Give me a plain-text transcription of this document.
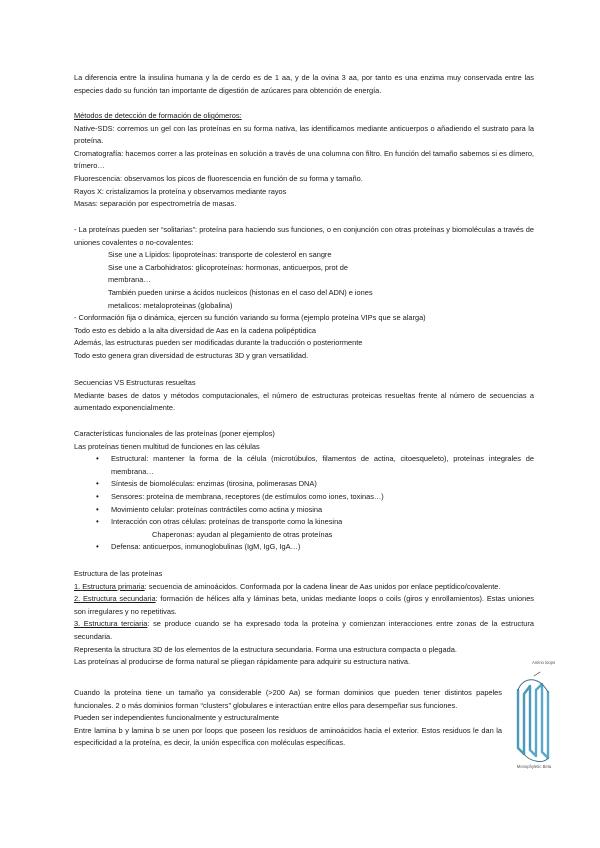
La diferencia entre la insulina humana y la de cerdo es de 1 aa, y de la ovina 3 aa, por tanto es una enzima muy conservada entre las especies dado su función tan importante de digestión de azúcares para obtención de energía.

Métodos de detección de formación de oligómeros:

Native-SDS: corremos un gel con las proteínas en su forma nativa, las identificamos mediante anticuerpos o añadiendo el sustrato para la proteína.

Cromatografía: hacemos correr a las proteínas en solución a través de una columna con filtro. En función del tamaño sabemos si es dímero, trímero…

Fluorescencia: observamos los picos de fluorescencia en función de su forma y tamaño.

Rayos X: cristalizamos la proteína y observamos mediante rayos

Masas: separación por espectrometría de masas.

- La proteínas pueden ser “solitarias”: proteína para haciendo sus funciones, o en conjunción con otras proteínas y biomoléculas a través de uniones covalentes o no-covalentes:

Sise une a Lípidos: lipoproteínas: transporte de colesterol en sangre

Sise une a Carbohidratos: glicoproteínas: hormonas, anticuerpos, prot de

membrana…

También pueden unirse a ácidos nucleicos (histonas en el caso del ADN) e iones

metalicos: metaloproteinas (globalina)

- Conformación fija o dinámica, ejercen su función variando su forma (ejemplo proteína VIPs que se alarga)

Todo esto es debido a la alta diversidad de Aas en la cadena polipéptidica

Además, las estructuras pueden ser modificadas durante la traducción o posteriormente

Todo esto genera gran diversidad de estructuras 3D y gran versatilidad.

Secuencias VS Estructuras resueltas

Mediante bases de datos y métodos computacionales, el número de estructuras proteicas resueltas frente al número de secuencias a aumentado exponencialmente.

Características funcionales de las proteínas (poner ejemplos)

Las proteínas tienen multitud de funciones en las células

• Estructural: mantener la forma de la célula (microtúbulos, filamentos de actina, citoesqueleto), proteínas integrales de membrana…
• Síntesis de biomoléculas: enzimas (tirosina, polimerasas DNA)
• Sensores: proteína de membrana, receptores (de estímulos como iones, toxinas…)
• Movimiento celular: proteínas contráctiles como actina y miosina
• Interacción con otras células: proteínas de transporte como la kinesina
Chaperonas: ayudan al plegamiento de otras proteínas
• Defensa: anticuerpos, inmunoglobulinas (IgM, IgG, IgA…)

Estructura de las proteínas

1. Estructura primaria: secuencia de aminoácidos. Conformada por la cadena linear de Aas unidos por enlace peptídico/covalente.

2. Estructura secundaria: formación de hélices alfa y láminas beta, unidas mediante loops o coils (giros y enrollamientos). Estas uniones son irregulares y no repetitivas.

3. Estructura terciaria: se produce cuando se ha expresado toda la proteína y comienzan interacciones entre zonas de la estructura secundaria.

Representa la structura 3D de los elementos de la estructura secundaria. Forma una estructura compacta o plegada.

Las proteínas al producirse de forma natural se pliegan rápidamente para adquirir su estructura nativa.

Cuando la proteína tiene un tamaño ya considerable (>200 Aa) se forman dominios que pueden tener distintos papeles funcionales. 2 o más dominios forman “clusters” globulares e interactúan entre ellos para desempeñar sus funciones.

Pueden ser independientes funcionalmente y estructuralmente

Entre lamina b y lamina b se unen por loops que poseen los residuos de aminoácidos hacia el exterior. Estos residuos le dan la especificidad a la proteína, es decir, la unión específica con moléculas específicas.

Amino loops
Monophyletic Beta
